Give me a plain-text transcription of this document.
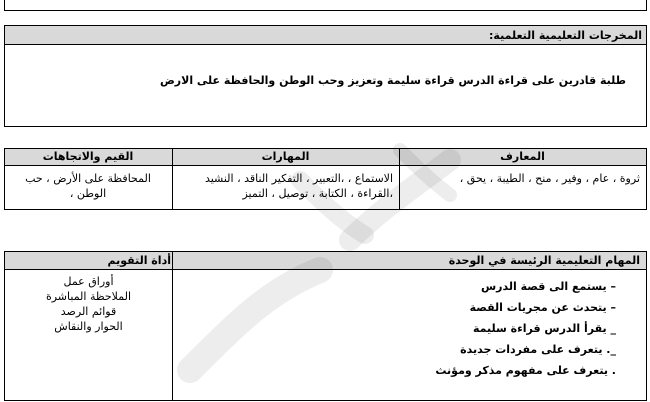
المخرجات التعليمية التعلمية:
طلبة قادرين على قراءة الدرس قراءة سليمة وتعزيز وحب الوطن والحافظة على الارض
المعارف
المهارات
القيم والاتجاهات
ثروة ، عام ، وفير ، منح ، الطيبة ، يحق ،
الاستماع ، ،التعبير ، التفكير الناقد ، النشيد
،القراءة ، الكتابة ، توصيل ، التميز
المحافظة على الأرض ، حب
الوطن ،
المهام التعليمية الرئيسة في الوحدة
أداة التقويم
– يستمع الى قصة الدرس
– يتحدث عن مجريات القصة
_ يقرأ الدرس قراءة سليمة
_. يتعرف على مفردات جديدة
. يتعرف على مفهوم مذكر ومؤنث
أوراق عمل
الملاحظة المباشرة
قوائم الرصد
الحوار والنقاش
